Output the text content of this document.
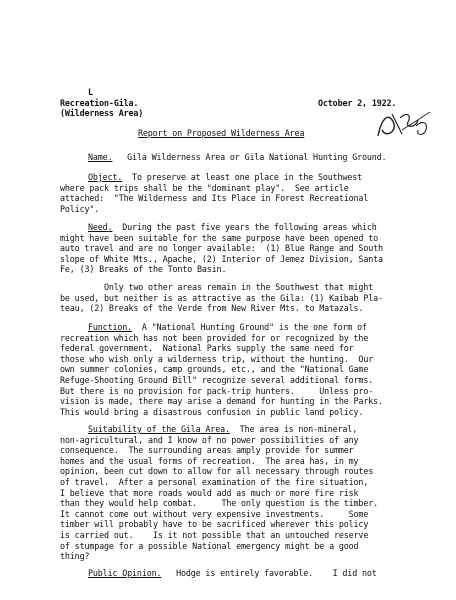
L
Recreation-Gila.
(Wilderness Area)
October 2, 1922.
Report on Proposed Wilderness Area
Name. Gila Wilderness Area or Gila National Hunting Ground.
Object. To preserve at least one place in the Southwest
where pack trips shall be the "dominant play".  See article
attached:  "The Wilderness and Its Place in Forest Recreational
Policy".
Need. During the past five years the following areas which
might have been suitable for the same purpose have been opened to
auto travel and are no longer available:  (1) Blue Range and South
slope of White Mts., Apache, (2) Interior of Jemez Division, Santa
Fe, (3) Breaks of the Tonto Basin.
Only two other areas remain in the Southwest that might
be used, but neither is as attractive as the Gila: (1) Kaibab Pla-
teau, (2) Breaks of the Verde from New River Mts. to Matazals.
Function. A "National Hunting Ground" is the one form of
recreation which has not been provided for or recognized by the
federal government.  National Parks supply the same need for
those who wish only a wilderness trip, without the hunting.  Our
own summer colonies, camp grounds, etc., and the "National Game
Refuge-Shooting Ground Bill" recognize several additional forms.
But there is no provision for pack-trip hunters.     Unless pro-
vision is made, there may arise a demand for hunting in the Parks.
This would bring a disastrous confusion in public land policy.
Suitability of the Gila Area. The area is non-mineral,
non-agricultural, and I know of no power possibilities of any
consequence.  The surrounding areas amply provide for summer
homes and the usual forms of recreation.  The area has, in my
opinion, been cut down to allow for all necessary through routes
of travel.  After a personal examination of the fire situation,
I believe that more roads would add as much or more fire risk
than they would help combat.     The only question is the timber.
It cannot come out without very expensive investments.     Some
timber will probably have to be sacrificed wherever this policy
is carried out.    Is it not possible that an untouched reserve
of stumpage for a possible National emergency might be a good
thing?
Public Opinion. Hodge is entirely favorable.    I did not
